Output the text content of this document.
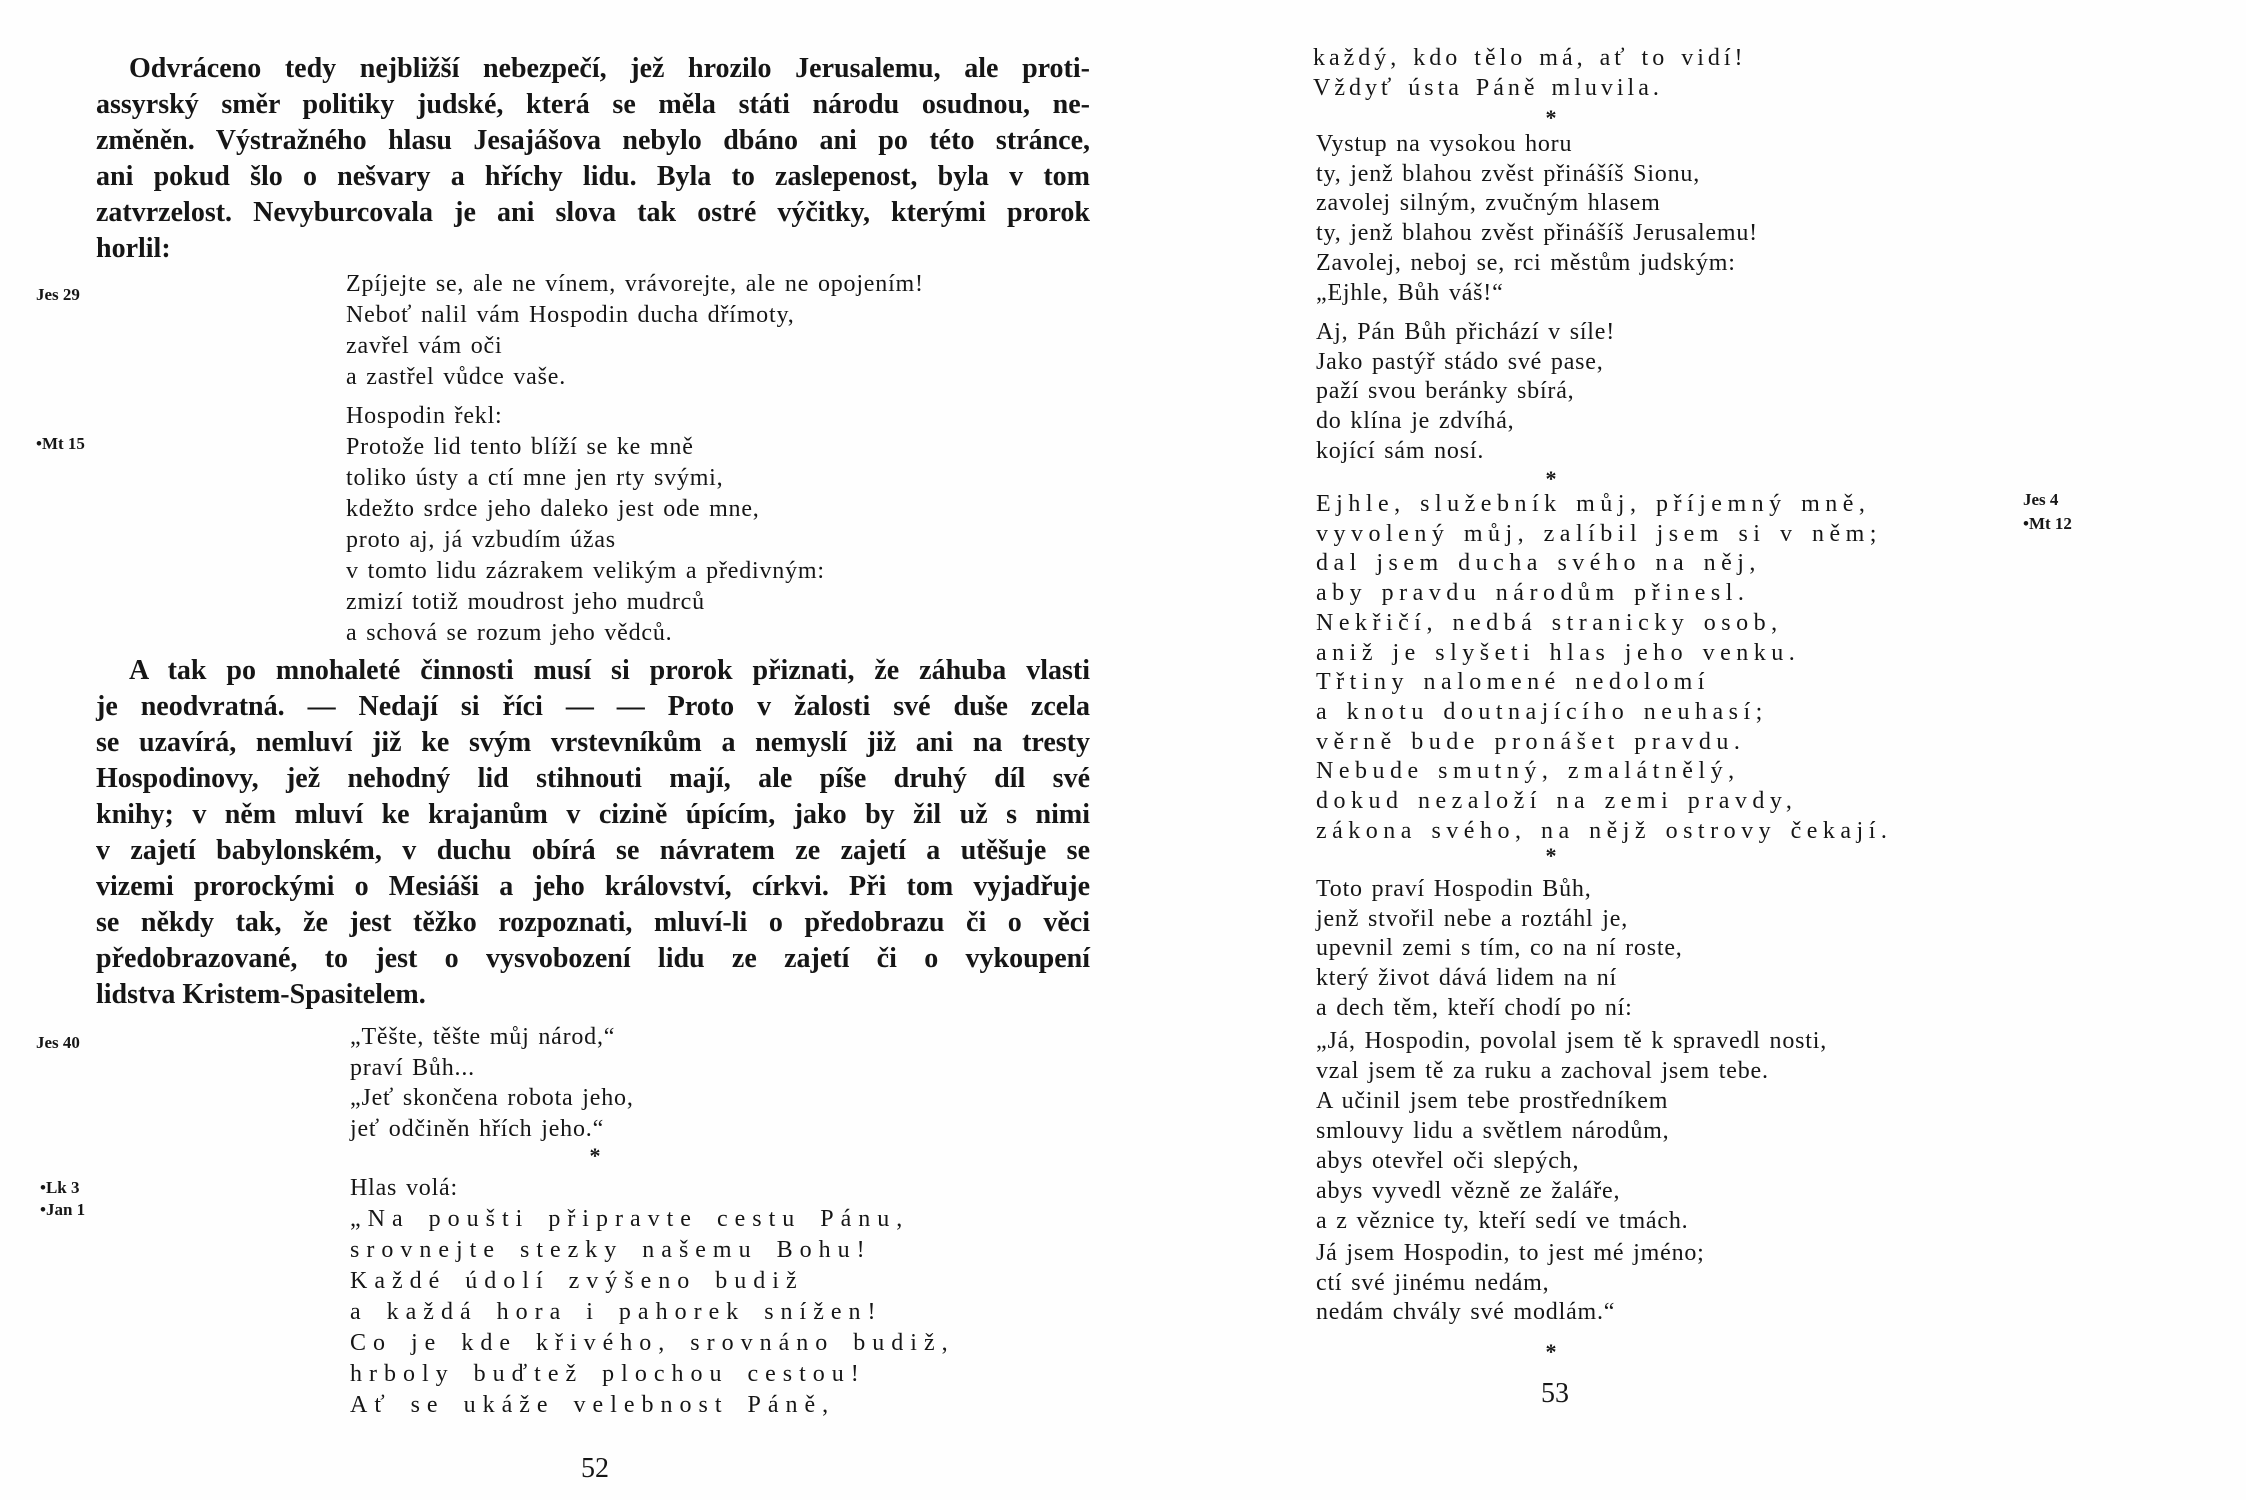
Odvráceno tedy nejbližší nebezpečí, jež hrozilo Jerusalemu, ale proti-
assyrský směr politiky judské, která se měla státi národu osudnou, ne-
změněn. Výstražného hlasu Jesajášova nebylo dbáno ani po této stránce,
ani pokud šlo o nešvary a hříchy lidu. Byla to zaslepenost, byla v tom
zatvrzelost. Nevyburcovala je ani slova tak ostré výčitky, kterými prorok
horlil:
Jes 29	Zpíjejte se, ale ne vínem, vrávorejte, ale ne opojením!
Neboť nalil vám Hospodin ducha dřímoty,
zavřel vám oči
a zastřel vůdce vaše.
•Mt 15
Hospodin řekl:
Protože lid tento blíží se ke mně
toliko ústy a ctí mne jen rty svými,
kdežto srdce jeho daleko jest ode mne,
proto aj, já vzbudím úžas
v tomto lidu zázrakem velikým a předivným:
zmizí totiž moudrost jeho mudrců
a schová se rozum jeho vědců.
A tak po mnohaleté činnosti musí si prorok přiznati, že záhuba vlasti
je neodvratná. — Nedají si říci — — Proto v žalosti své duše zcela
se uzavírá, nemluví již ke svým vrstevníkům a nemyslí již ani na tresty
Hospodinovy, jež nehodný lid stihnouti mají, ale píše druhý díl své
knihy; v něm mluví ke krajanům v cizině úpícím, jako by žil už s nimi
v zajetí babylonském, v duchu obírá se návratem ze zajetí a utěšuje se
vizemi prorockými o Mesiáši a jeho království, církvi. Při tom vyjadřuje
se někdy tak, že jest těžko rozpoznati, mluví-li o předobrazu či o věci
předobrazované, to jest o vysvobození lidu ze zajetí či o vykoupení
lidstva Kristem-Spasitelem.
Jes 40	„Těšte, těšte můj národ,“
praví Bůh...
„Jeť skončena robota jeho,
jeť odčiněn hřích jeho.“
*
•Lk 3
•Jan 1
Hlas volá:
„Na poušti připravte cestu Pánu,
srovnejte stezky našemu Bohu!
Každé údolí zvýšeno budiž
a každá hora i pahorek snížen!
Co je kde křivého, srovnáno budiž,
hrboly buďtež plochou cestou!
Ať se ukáže velebnost Páně,
52
každý, kdo tělo má, ať to vidí!
Vždyť ústa Páně mluvila.
*
Vystup na vysokou horu
ty, jenž blahou zvěst přinášíš Sionu,
zavolej silným, zvučným hlasem
ty, jenž blahou zvěst přinášíš Jerusalemu!
Zavolej, neboj se, rci městům judským:
„Ejhle, Bůh váš!“
Aj, Pán Bůh přichází v síle!
Jako pastýř stádo své pase,
paží svou beránky sbírá,
do klína je zdvíhá,
kojící sám nosí.
*
Jes 4
•Mt 12
Ejhle, služebník můj, příjemný mně,
vyvolený můj, zalíbil jsem si v něm;
dal jsem ducha svého na něj,
aby pravdu národům přinesl.
Nekřičí, nedbá stranicky osob,
aniž je slyšeti hlas jeho venku.
Třtiny nalomené nedolomí
a knotu doutnajícího neuhasí;
věrně bude pronášet pravdu.
Nebude smutný, zmalátnělý,
dokud nezaloží na zemi pravdy,
zákona svého, na nějž ostrovy čekají.
*
Toto praví Hospodin Bůh,
jenž stvořil nebe a roztáhl je,
upevnil zemi s tím, co na ní roste,
který život dává lidem na ní
a dech těm, kteří chodí po ní:
„Já, Hospodin, povolal jsem tě k spravedl nosti,
vzal jsem tě za ruku a zachoval jsem tebe.
A učinil jsem tebe prostředníkem
smlouvy lidu a světlem národům,
abys otevřel oči slepých,
abys vyvedl vězně ze žaláře,
a z věznice ty, kteří sedí ve tmách.
Já jsem Hospodin, to jest mé jméno;
ctí své jinému nedám,
nedám chvály své modlám.“
*
53
